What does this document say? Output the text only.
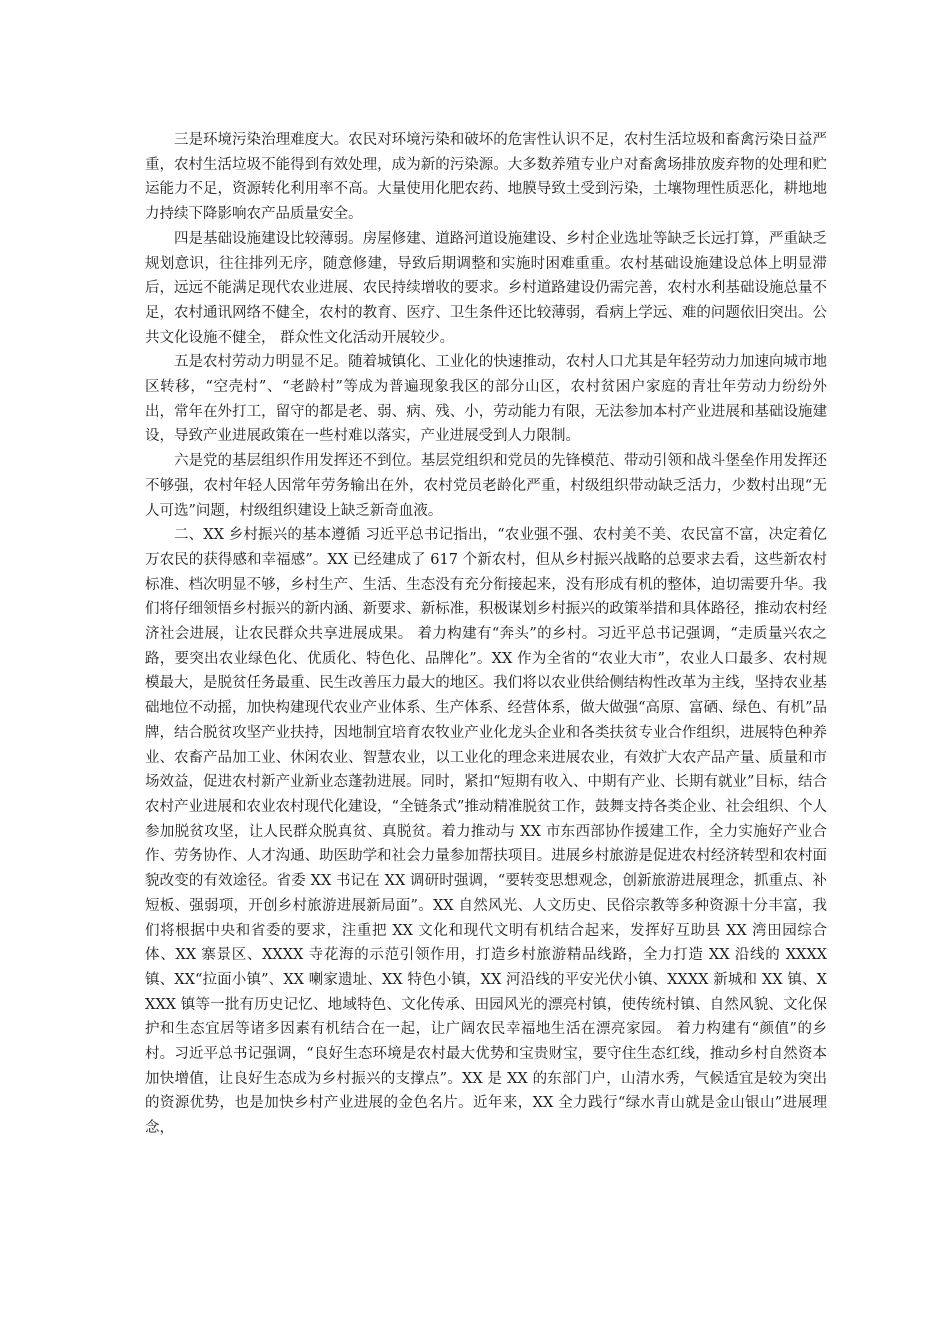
三是环境污染治理难度大。农民对环境污染和破坏的危害性认识不足，农村生活垃圾和畜禽污染日益严重，农村生活垃圾不能得到有效处理，成为新的污染源。大多数养殖专业户对畜禽场排放废弃物的处理和贮运能力不足，资源转化利用率不高。大量使用化肥农药、地膜导致土受到污染，土壤物理性质恶化，耕地地力持续下降影响农产品质量安全。

四是基础设施建设比较薄弱。房屋修建、道路河道设施建设、乡村企业选址等缺乏长远打算，严重缺乏规划意识，往往排列无序，随意修建，导致后期调整和实施时困难重重。农村基础设施建设总体上明显滞后，远远不能满足现代农业进展、农民持续增收的要求。乡村道路建设仍需完善，农村水利基础设施总量不足，农村通讯网络不健全，农村的教育、医疗、卫生条件还比较薄弱，看病上学远、难的问题依旧突出。公共文化设施不健全， 群众性文化活动开展较少。

五是农村劳动力明显不足。随着城镇化、工业化的快速推动，农村人口尤其是年轻劳动力加速向城市地区转移，“空壳村”、“老龄村”等成为普遍现象我区的部分山区，农村贫困户家庭的青壮年劳动力纷纷外出，常年在外打工，留守的都是老、弱、病、残、小，劳动能力有限，无法参加本村产业进展和基础设施建设，导致产业进展政策在一些村难以落实，产业进展受到人力限制。

六是党的基层组织作用发挥还不到位。基层党组织和党员的先锋模范、带动引领和战斗堡垒作用发挥还不够强，农村年轻人因常年劳务输出在外，农村党员老龄化严重，村级组织带动缺乏活力，少数村出现“无人可选”问题，村级组织建设上缺乏新奇血液。

二、XX 乡村振兴的基本遵循 习近平总书记指出，“农业强不强、农村美不美、农民富不富，决定着亿万农民的获得感和幸福感”。XX 已经建成了 617 个新农村，但从乡村振兴战略的总要求去看，这些新农村标准、档次明显不够，乡村生产、生活、生态没有充分衔接起来，没有形成有机的整体，迫切需要升华。我们将仔细领悟乡村振兴的新内涵、新要求、新标准，积极谋划乡村振兴的政策举措和具体路径，推动农村经济社会进展，让农民群众共享进展成果。 着力构建有“奔头”的乡村。习近平总书记强调，“走质量兴农之路，要突出农业绿色化、优质化、特色化、品牌化”。XX 作为全省的“农业大市”，农业人口最多、农村规模最大，是脱贫任务最重、民生改善压力最大的地区。我们将以农业供给侧结构性改革为主线，坚持农业基础地位不动摇，加快构建现代农业产业体系、生产体系、经营体系，做大做强“高原、富硒、绿色、有机”品牌，结合脱贫攻坚产业扶持，因地制宜培育农牧业产业化龙头企业和各类扶贫专业合作组织，进展特色种养业、农畜产品加工业、休闲农业、智慧农业，以工业化的理念来进展农业，有效扩大农产品产量、质量和市场效益，促进农村新产业新业态蓬勃进展。同时，紧扣“短期有收入、中期有产业、长期有就业”目标，结合农村产业进展和农业农村现代化建设，“全链条式”推动精准脱贫工作，鼓舞支持各类企业、社会组织、个人参加脱贫攻坚，让人民群众脱真贫、真脱贫。着力推动与 XX 市东西部协作援建工作，全力实施好产业合作、劳务协作、人才沟通、助医助学和社会力量参加帮扶项目。进展乡村旅游是促进农村经济转型和农村面貌改变的有效途径。省委 XX 书记在 XX 调研时强调，“要转变思想观念，创新旅游进展理念，抓重点、补短板、强弱项，开创乡村旅游进展新局面”。XX 自然风光、人文历史、民俗宗教等多种资源十分丰富，我们将根据中央和省委的要求，注重把 XX 文化和现代文明有机结合起来，发挥好互助县 XX 湾田园综合体、XX 寨景区、XXXX 寺花海的示范引领作用，打造乡村旅游精品线路，全力打造 XX 沿线的 XXXX 镇、XX“拉面小镇”、XX 喇家遗址、XX 特色小镇，XX 河沿线的平安光伏小镇、XXXX 新城和 XX 镇、XXXX 镇等一批有历史记忆、地域特色、文化传承、田园风光的漂亮村镇，使传统村镇、自然风貌、文化保护和生态宜居等诸多因素有机结合在一起，让广阔农民幸福地生活在漂亮家园。 着力构建有“颜值”的乡村。习近平总书记强调，“良好生态环境是农村最大优势和宝贵财宝，要守住生态红线，推动乡村自然资本加快增值，让良好生态成为乡村振兴的支撑点”。XX 是 XX 的东部门户，山清水秀，气候适宜是较为突出的资源优势，也是加快乡村产业进展的金色名片。近年来，XX 全力践行“绿水青山就是金山银山”进展理念，
